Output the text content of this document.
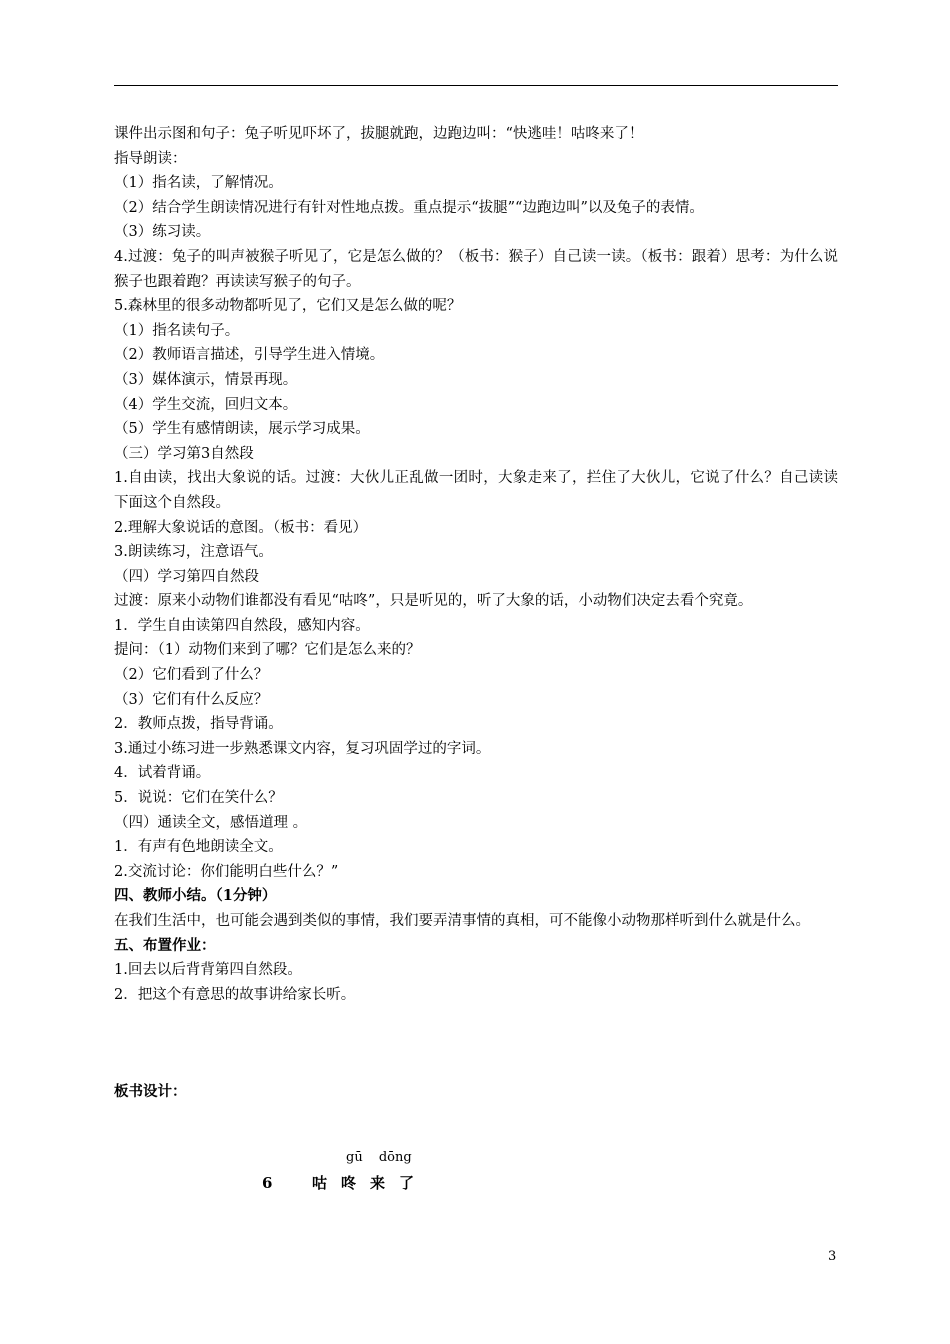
课件出示图和句子：兔子听见吓坏了，拔腿就跑，边跑边叫：“快逃哇！咕咚来了！
指导朗读：
（1）指名读，了解情况。
（2）结合学生朗读情况进行有针对性地点拨。重点提示“拔腿”“边跑边叫”以及兔子的表情。
（3）练习读。
4.过渡：兔子的叫声被猴子听见了，它是怎么做的？（板书：猴子）自己读一读。（板书：跟着）思考：为什么说猴子也跟着跑？再读读写猴子的句子。
5.森林里的很多动物都听见了，它们又是怎么做的呢？
（1）指名读句子。
（2）教师语言描述，引导学生进入情境。
（3）媒体演示，情景再现。
（4）学生交流，回归文本。
（5）学生有感情朗读，展示学习成果。
（三）学习第3自然段
1.自由读，找出大象说的话。过渡：大伙儿正乱做一团时，大象走来了，拦住了大伙儿，它说了什么？自己读读下面这个自然段。
2.理解大象说话的意图。（板书：看见）
3.朗读练习，注意语气。
（四）学习第四自然段
过渡：原来小动物们谁都没有看见“咕咚”，只是听见的，听了大象的话，小动物们决定去看个究竟。
1．学生自由读第四自然段，感知内容。
提问：（1）动物们来到了哪？它们是怎么来的？
（2）它们看到了什么？
（3）它们有什么反应？
2．教师点拨，指导背诵。
3.通过小练习进一步熟悉课文内容，复习巩固学过的字词。
4．试着背诵。
5．说说：它们在笑什么？
（四）通读全文，感悟道理 。
1．有声有色地朗读全文。
2.交流讨论：你们能明白些什么？”
四、教师小结。（1分钟）
在我们生活中，也可能会遇到类似的事情，我们要弄清事情的真相，可不能像小动物那样听到什么就是什么。
五、布置作业：
1.回去以后背背第四自然段。
2．把这个有意思的故事讲给家长听。
板书设计：
gū dōng
6	咕咚来了
3
